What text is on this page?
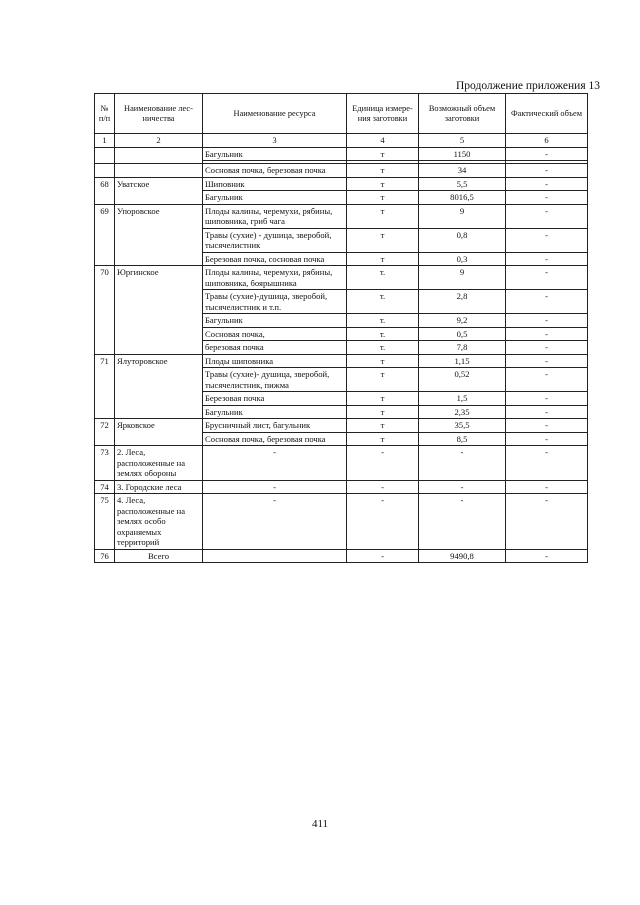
Продолжение приложения 13
№ п/п	Наименование лес- ничества	Наименование ресурса	Единица измере- ния заготовки	Возможный объем заготовки	Фактический объем
1	2	3	4	5	6
		Багульник	т	1150	-

		Сосновая почка, березовая почка	т	34	-
68	Уватское	Шиповник	т	5,5	-
		Багульник	т	8016,5	-
69	Упоровское	Плоды калины, черемухи, рябины, шиповника, гриб чага	т	9	-
		Травы (сухие) - душица, зверобой, тысячелистник	т	0,8	-
		Березовая почка, сосновая почка	т	0,3	-
70	Юргинское	Плоды калины, черемухи, рябины, шиповника, боярышника	т.	9	-
		Травы (сухие)-душица, зверобой, тысячелистник и т.п.	т.	2,8	-
		Багульник	т.	9,2	-
		Сосновая почка,	т.	0,5	-
		березовая почка	т.	7,8	-
71	Ялуторовское	Плоды шиповника	т	1,15	-
		Травы (сухие)- душица, зверобой, тысячелистник, пижма	т	0,52	-
		Березовая почка	т	1,5	-
		Багульник	т	2,35	-
72	Ярковское	Брусничный лист, багульник	т	35,5	-
		Сосновая почка, березовая почка	т	8,5	-
73	2. Леса, расположенные на землях обороны	-	-	-	-
74	3. Городские леса	-	-	-	-
75	4. Леса, расположенные на землях особо охраняемых территорий	-	-	-	-
76	Всего		-	9490,8	-
411
